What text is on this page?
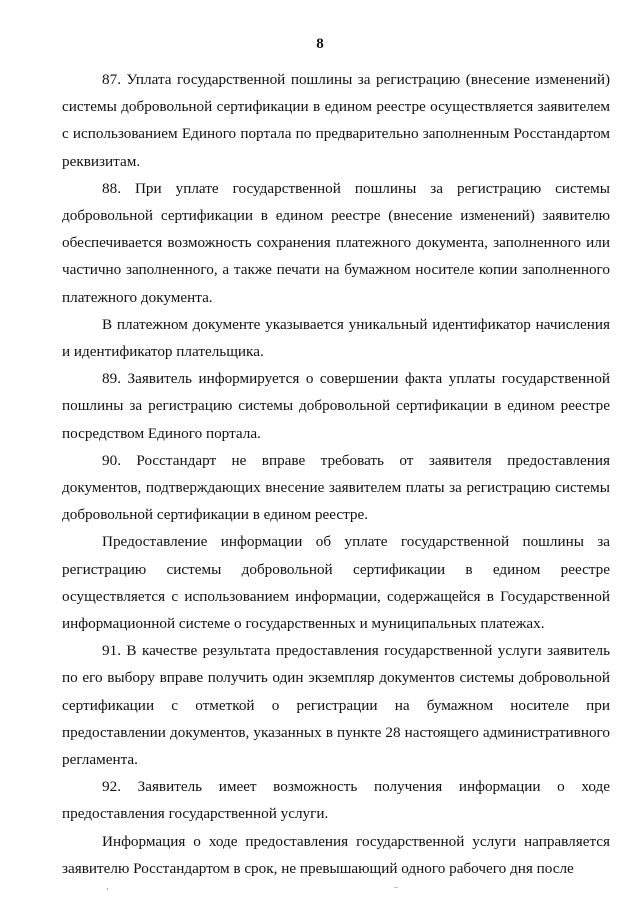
8

87. Уплата государственной пошлины за регистрацию (внесение изменений) системы добровольной сертификации в едином реестре осуществляется заявителем с использованием Единого портала по предварительно заполненным Росстандартом реквизитам.

88. При уплате государственной пошлины за регистрацию системы добровольной сертификации в едином реестре (внесение изменений) заявителю обеспечивается возможность сохранения платежного документа, заполненного или частично заполненного, а также печати на бумажном носителе копии заполненного платежного документа.

В платежном документе указывается уникальный идентификатор начисления и идентификатор плательщика.

89. Заявитель информируется о совершении факта уплаты государственной пошлины за регистрацию системы добровольной сертификации в едином реестре посредством Единого портала.

90. Росстандарт не вправе требовать от заявителя предоставления документов, подтверждающих внесение заявителем платы за регистрацию системы добровольной сертификации в едином реестре.

Предоставление информации об уплате государственной пошлины за регистрацию системы добровольной сертификации в едином реестре осуществляется с использованием информации, содержащейся в Государственной информационной системе о государственных и муниципальных платежах.

91. В качестве результата предоставления государственной услуги заявитель по его выбору вправе получить один экземпляр документов системы добровольной сертификации с отметкой о регистрации на бумажном носителе при предоставлении документов, указанных в пункте 28 настоящего административного регламента.

92. Заявитель имеет возможность получения информации о ходе предоставления государственной услуги.

Информация о ходе предоставления государственной услуги направляется заявителю Росстандартом в срок, не превышающий одного рабочего дня после

‚	–
